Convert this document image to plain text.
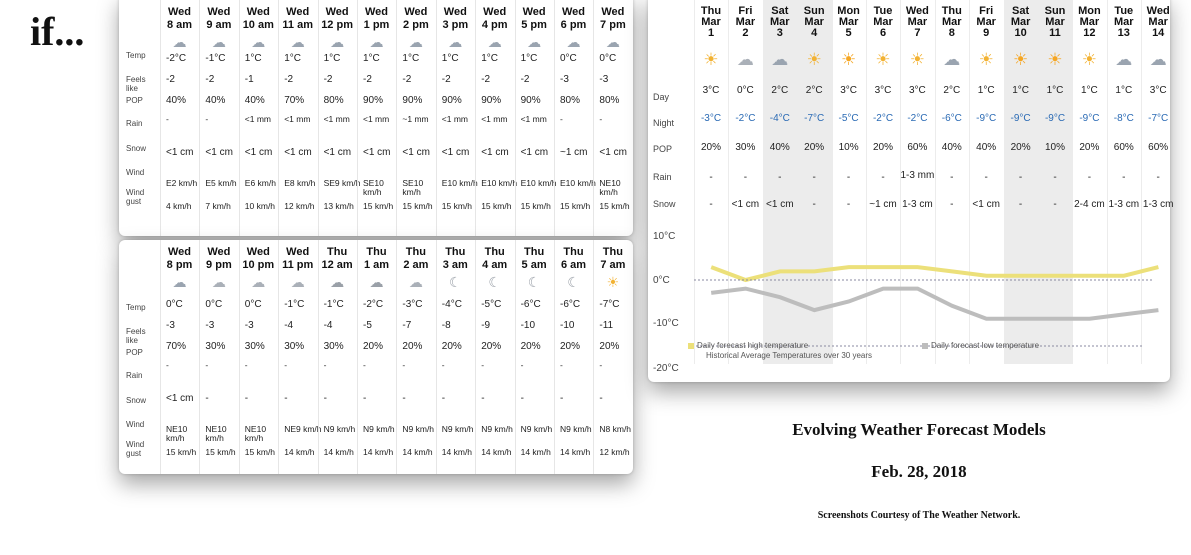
if...
Temp
Feels like
POP
Rain
Snow
Wind
Wind gust
Wed
8 am
☁
-2°C
-2
40%
-
<1 cm
E2 km/h
4 km/h
Wed
9 am
☁
-1°C
-2
40%
-
<1 cm
E5 km/h
7 km/h
Wed
10 am
☁
1°C
-1
40%
<1 mm
<1 cm
E6 km/h
10 km/h
Wed
11 am
☁
1°C
-2
70%
<1 mm
<1 cm
E8 km/h
12 km/h
Wed
12 pm
☁
1°C
-2
80%
<1 mm
<1 cm
SE9 km/h
13 km/h
Wed
1 pm
☁
1°C
-2
90%
<1 mm
<1 cm
SE10 km/h
15 km/h
Wed
2 pm
☁
1°C
-2
90%
~1 mm
<1 cm
SE10 km/h
15 km/h
Wed
3 pm
☁
1°C
-2
90%
<1 mm
<1 cm
E10 km/h
15 km/h
Wed
4 pm
☁
1°C
-2
90%
<1 mm
<1 cm
E10 km/h
15 km/h
Wed
5 pm
☁
1°C
-2
90%
<1 mm
<1 cm
E10 km/h
15 km/h
Wed
6 pm
☁
0°C
-3
80%
-
~1 cm
E10 km/h
15 km/h
Wed
7 pm
☁
0°C
-3
80%
-
<1 cm
NE10 km/h
15 km/h
Temp
Feels like
POP
Rain
Snow
Wind
Wind gust
Wed
8 pm
☁
0°C
-3
70%
-
<1 cm
NE10 km/h
15 km/h
Wed
9 pm
☁
0°C
-3
30%
-
-
NE10 km/h
15 km/h
Wed
10 pm
☁
0°C
-3
30%
-
-
NE10 km/h
15 km/h
Wed
11 pm
☁
-1°C
-4
30%
-
-
NE9 km/h
14 km/h
Thu
12 am
☁
-1°C
-4
30%
-
-
N9 km/h
14 km/h
Thu
1 am
☁
-2°C
-5
20%
-
-
N9 km/h
14 km/h
Thu
2 am
☁
-3°C
-7
20%
-
-
N9 km/h
14 km/h
Thu
3 am
☾
-4°C
-8
20%
-
-
N9 km/h
14 km/h
Thu
4 am
☾
-5°C
-9
20%
-
-
N9 km/h
14 km/h
Thu
5 am
☾
-6°C
-10
20%
-
-
N9 km/h
14 km/h
Thu
6 am
☾
-6°C
-10
20%
-
-
N9 km/h
14 km/h
Thu
7 am
☀
-7°C
-11
20%
-
-
N8 km/h
12 km/h
Day
Night
POP
Rain
Snow
Thu
Mar
1
☀
3°C
-3°C
20%
-
-
Fri
Mar
2
☁
0°C
-2°C
30%
-
<1 cm
Sat
Mar
3
☁
2°C
-4°C
40%
-
<1 cm
Sun
Mar
4
☀
2°C
-7°C
20%
-
-
Mon
Mar
5
☀
3°C
-5°C
10%
-
-
Tue
Mar
6
☀
3°C
-2°C
20%
-
~1 cm
Wed
Mar
7
☀
3°C
-2°C
60%
1-3 mm
1-3 cm
Thu
Mar
8
☁
2°C
-6°C
40%
-
-
Fri
Mar
9
☀
1°C
-9°C
40%
-
<1 cm
Sat
Mar
10
☀
1°C
-9°C
20%
-
-
Sun
Mar
11
☀
1°C
-9°C
10%
-
-
Mon
Mar
12
☀
1°C
-9°C
20%
-
2-4 cm
Tue
Mar
13
☁
1°C
-8°C
60%
-
1-3 cm
Wed
Mar
14
☁
3°C
-7°C
60%
-
1-3 cm
10°C
0°C
-10°C
-20°C
Daily forecast high temperature	Daily forecast low temperature
Historical Average Temperatures over 30 years
Evolving Weather Forecast Models
Feb. 28, 2018
Screenshots Courtesy of The Weather Network.
